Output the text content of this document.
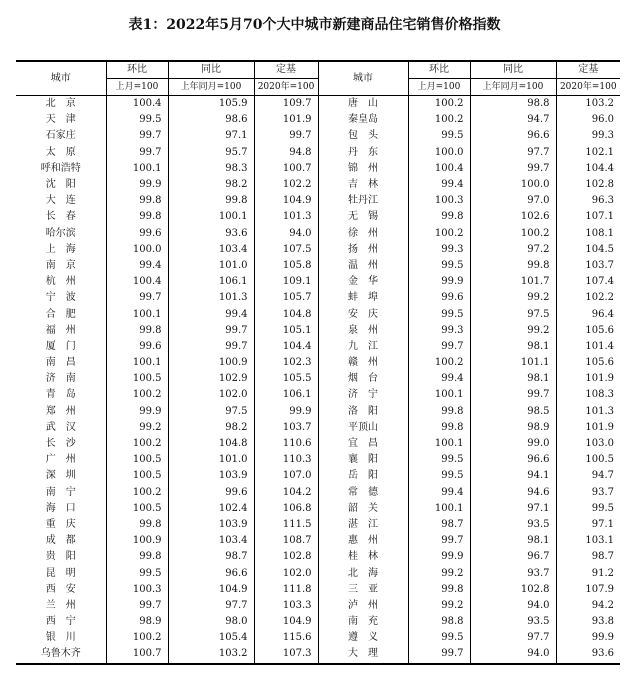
表1：2022年5月70个大中城市新建商品住宅销售价格指数
城市	环比	同比	定基	城市	环比	同比	定基
	上月=100	上年同月=100	2020年=100		上月=100	上年同月=100	2020年=100
北　京	100.4	105.9	109.7	唐　山	100.2	98.8	103.2
天　津	99.5	98.6	101.9	秦皇岛	100.2	94.7	96.0
石家庄	99.7	97.1	99.7	包　头	99.5	96.6	99.3
太　原	99.7	95.7	94.8	丹　东	100.0	97.7	102.1
呼和浩特	100.1	98.3	100.7	锦　州	100.4	99.7	104.4
沈　阳	99.9	98.2	102.2	吉　林	99.4	100.0	102.8
大　连	99.8	99.8	104.9	牡丹江	100.3	97.0	96.3
长　春	99.8	100.1	101.3	无　锡	99.8	102.6	107.1
哈尔滨	99.6	93.6	94.0	徐　州	100.2	100.2	108.1
上　海	100.0	103.4	107.5	扬　州	99.3	97.2	104.5
南　京	99.4	101.0	105.8	温　州	99.5	99.8	103.7
杭　州	100.4	106.1	109.1	金　华	99.9	101.7	107.4
宁　波	99.7	101.3	105.7	蚌　埠	99.6	99.2	102.2
合　肥	100.1	99.4	104.8	安　庆	99.5	97.5	96.4
福　州	99.8	99.7	105.1	泉　州	99.3	99.2	105.6
厦　门	99.6	99.7	104.4	九　江	99.7	98.1	101.4
南　昌	100.1	100.9	102.3	赣　州	100.2	101.1	105.6
济　南	100.5	102.9	105.5	烟　台	99.4	98.1	101.9
青　岛	100.2	102.0	106.1	济　宁	100.1	99.7	108.3
郑　州	99.9	97.5	99.9	洛　阳	99.8	98.5	101.3
武　汉	99.2	98.2	103.7	平顶山	99.8	98.9	101.9
长　沙	100.2	104.8	110.6	宜　昌	100.1	99.0	103.0
广　州	100.5	101.0	110.3	襄　阳	99.5	96.6	100.5
深　圳	100.5	103.9	107.0	岳　阳	99.5	94.1	94.7
南　宁	100.2	99.6	104.2	常　德	99.4	94.6	93.7
海　口	100.5	102.4	106.8	韶　关	100.1	97.1	99.5
重　庆	99.8	103.9	111.5	湛　江	98.7	93.5	97.1
成　都	100.9	103.4	108.7	惠　州	99.7	98.1	103.1
贵　阳	99.8	98.7	102.8	桂　林	99.9	96.7	98.7
昆　明	99.5	96.6	102.0	北　海	99.2	93.7	91.2
西　安	100.3	104.9	111.8	三　亚	99.8	102.8	107.9
兰　州	99.7	97.7	103.3	泸　州	99.2	94.0	94.2
西　宁	98.9	98.0	104.9	南　充	98.8	93.5	93.8
银　川	100.2	105.4	115.6	遵　义	99.5	97.7	99.9
乌鲁木齐	100.7	103.2	107.3	大　理	99.7	94.0	93.6
